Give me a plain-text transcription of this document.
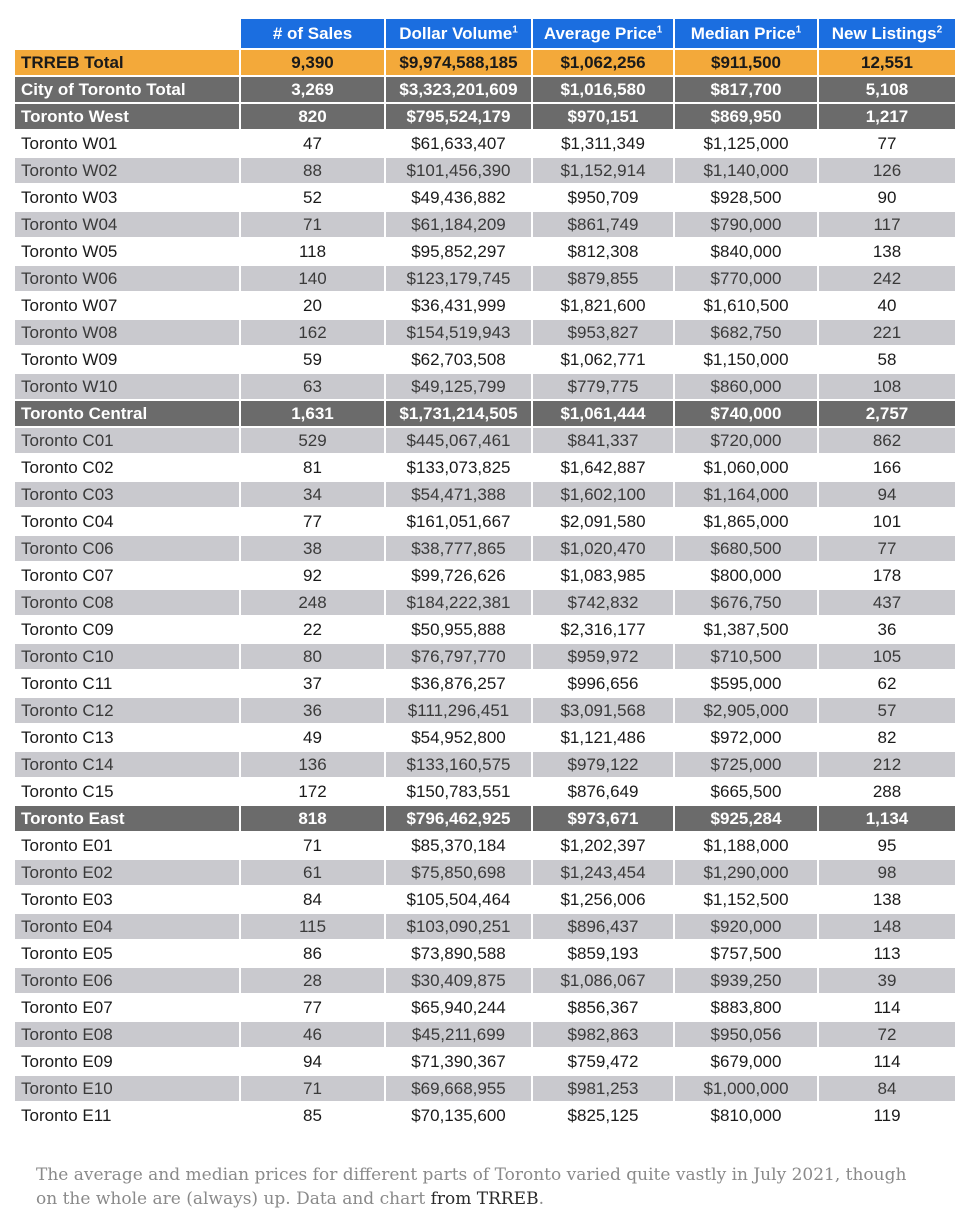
	# of Sales	Dollar Volume$^1$	Average Price$^1$	Median Price$^1$	New Listings$^2$
TRREB Total	9,390	$9,974,588,185	$1,062,256	$911,500	12,551
City of Toronto Total	3,269	$3,323,201,609	$1,016,580	$817,700	5,108
Toronto West	820	$795,524,179	$970,151	$869,950	1,217
Toronto W01	47	$61,633,407	$1,311,349	$1,125,000	77
Toronto W02	88	$101,456,390	$1,152,914	$1,140,000	126
Toronto W03	52	$49,436,882	$950,709	$928,500	90
Toronto W04	71	$61,184,209	$861,749	$790,000	117
Toronto W05	118	$95,852,297	$812,308	$840,000	138
Toronto W06	140	$123,179,745	$879,855	$770,000	242
Toronto W07	20	$36,431,999	$1,821,600	$1,610,500	40
Toronto W08	162	$154,519,943	$953,827	$682,750	221
Toronto W09	59	$62,703,508	$1,062,771	$1,150,000	58
Toronto W10	63	$49,125,799	$779,775	$860,000	108
Toronto Central	1,631	$1,731,214,505	$1,061,444	$740,000	2,757
Toronto C01	529	$445,067,461	$841,337	$720,000	862
Toronto C02	81	$133,073,825	$1,642,887	$1,060,000	166
Toronto C03	34	$54,471,388	$1,602,100	$1,164,000	94
Toronto C04	77	$161,051,667	$2,091,580	$1,865,000	101
Toronto C06	38	$38,777,865	$1,020,470	$680,500	77
Toronto C07	92	$99,726,626	$1,083,985	$800,000	178
Toronto C08	248	$184,222,381	$742,832	$676,750	437
Toronto C09	22	$50,955,888	$2,316,177	$1,387,500	36
Toronto C10	80	$76,797,770	$959,972	$710,500	105
Toronto C11	37	$36,876,257	$996,656	$595,000	62
Toronto C12	36	$111,296,451	$3,091,568	$2,905,000	57
Toronto C13	49	$54,952,800	$1,121,486	$972,000	82
Toronto C14	136	$133,160,575	$979,122	$725,000	212
Toronto C15	172	$150,783,551	$876,649	$665,500	288
Toronto East	818	$796,462,925	$973,671	$925,284	1,134
Toronto E01	71	$85,370,184	$1,202,397	$1,188,000	95
Toronto E02	61	$75,850,698	$1,243,454	$1,290,000	98
Toronto E03	84	$105,504,464	$1,256,006	$1,152,500	138
Toronto E04	115	$103,090,251	$896,437	$920,000	148
Toronto E05	86	$73,890,588	$859,193	$757,500	113
Toronto E06	28	$30,409,875	$1,086,067	$939,250	39
Toronto E07	77	$65,940,244	$856,367	$883,800	114
Toronto E08	46	$45,211,699	$982,863	$950,056	72
Toronto E09	94	$71,390,367	$759,472	$679,000	114
Toronto E10	71	$69,668,955	$981,253	$1,000,000	84
Toronto E11	85	$70,135,600	$825,125	$810,000	119
The average and median prices for different parts of Toronto varied quite vastly in July 2021, though on the whole are (always) up. Data and chart from TRREB.
